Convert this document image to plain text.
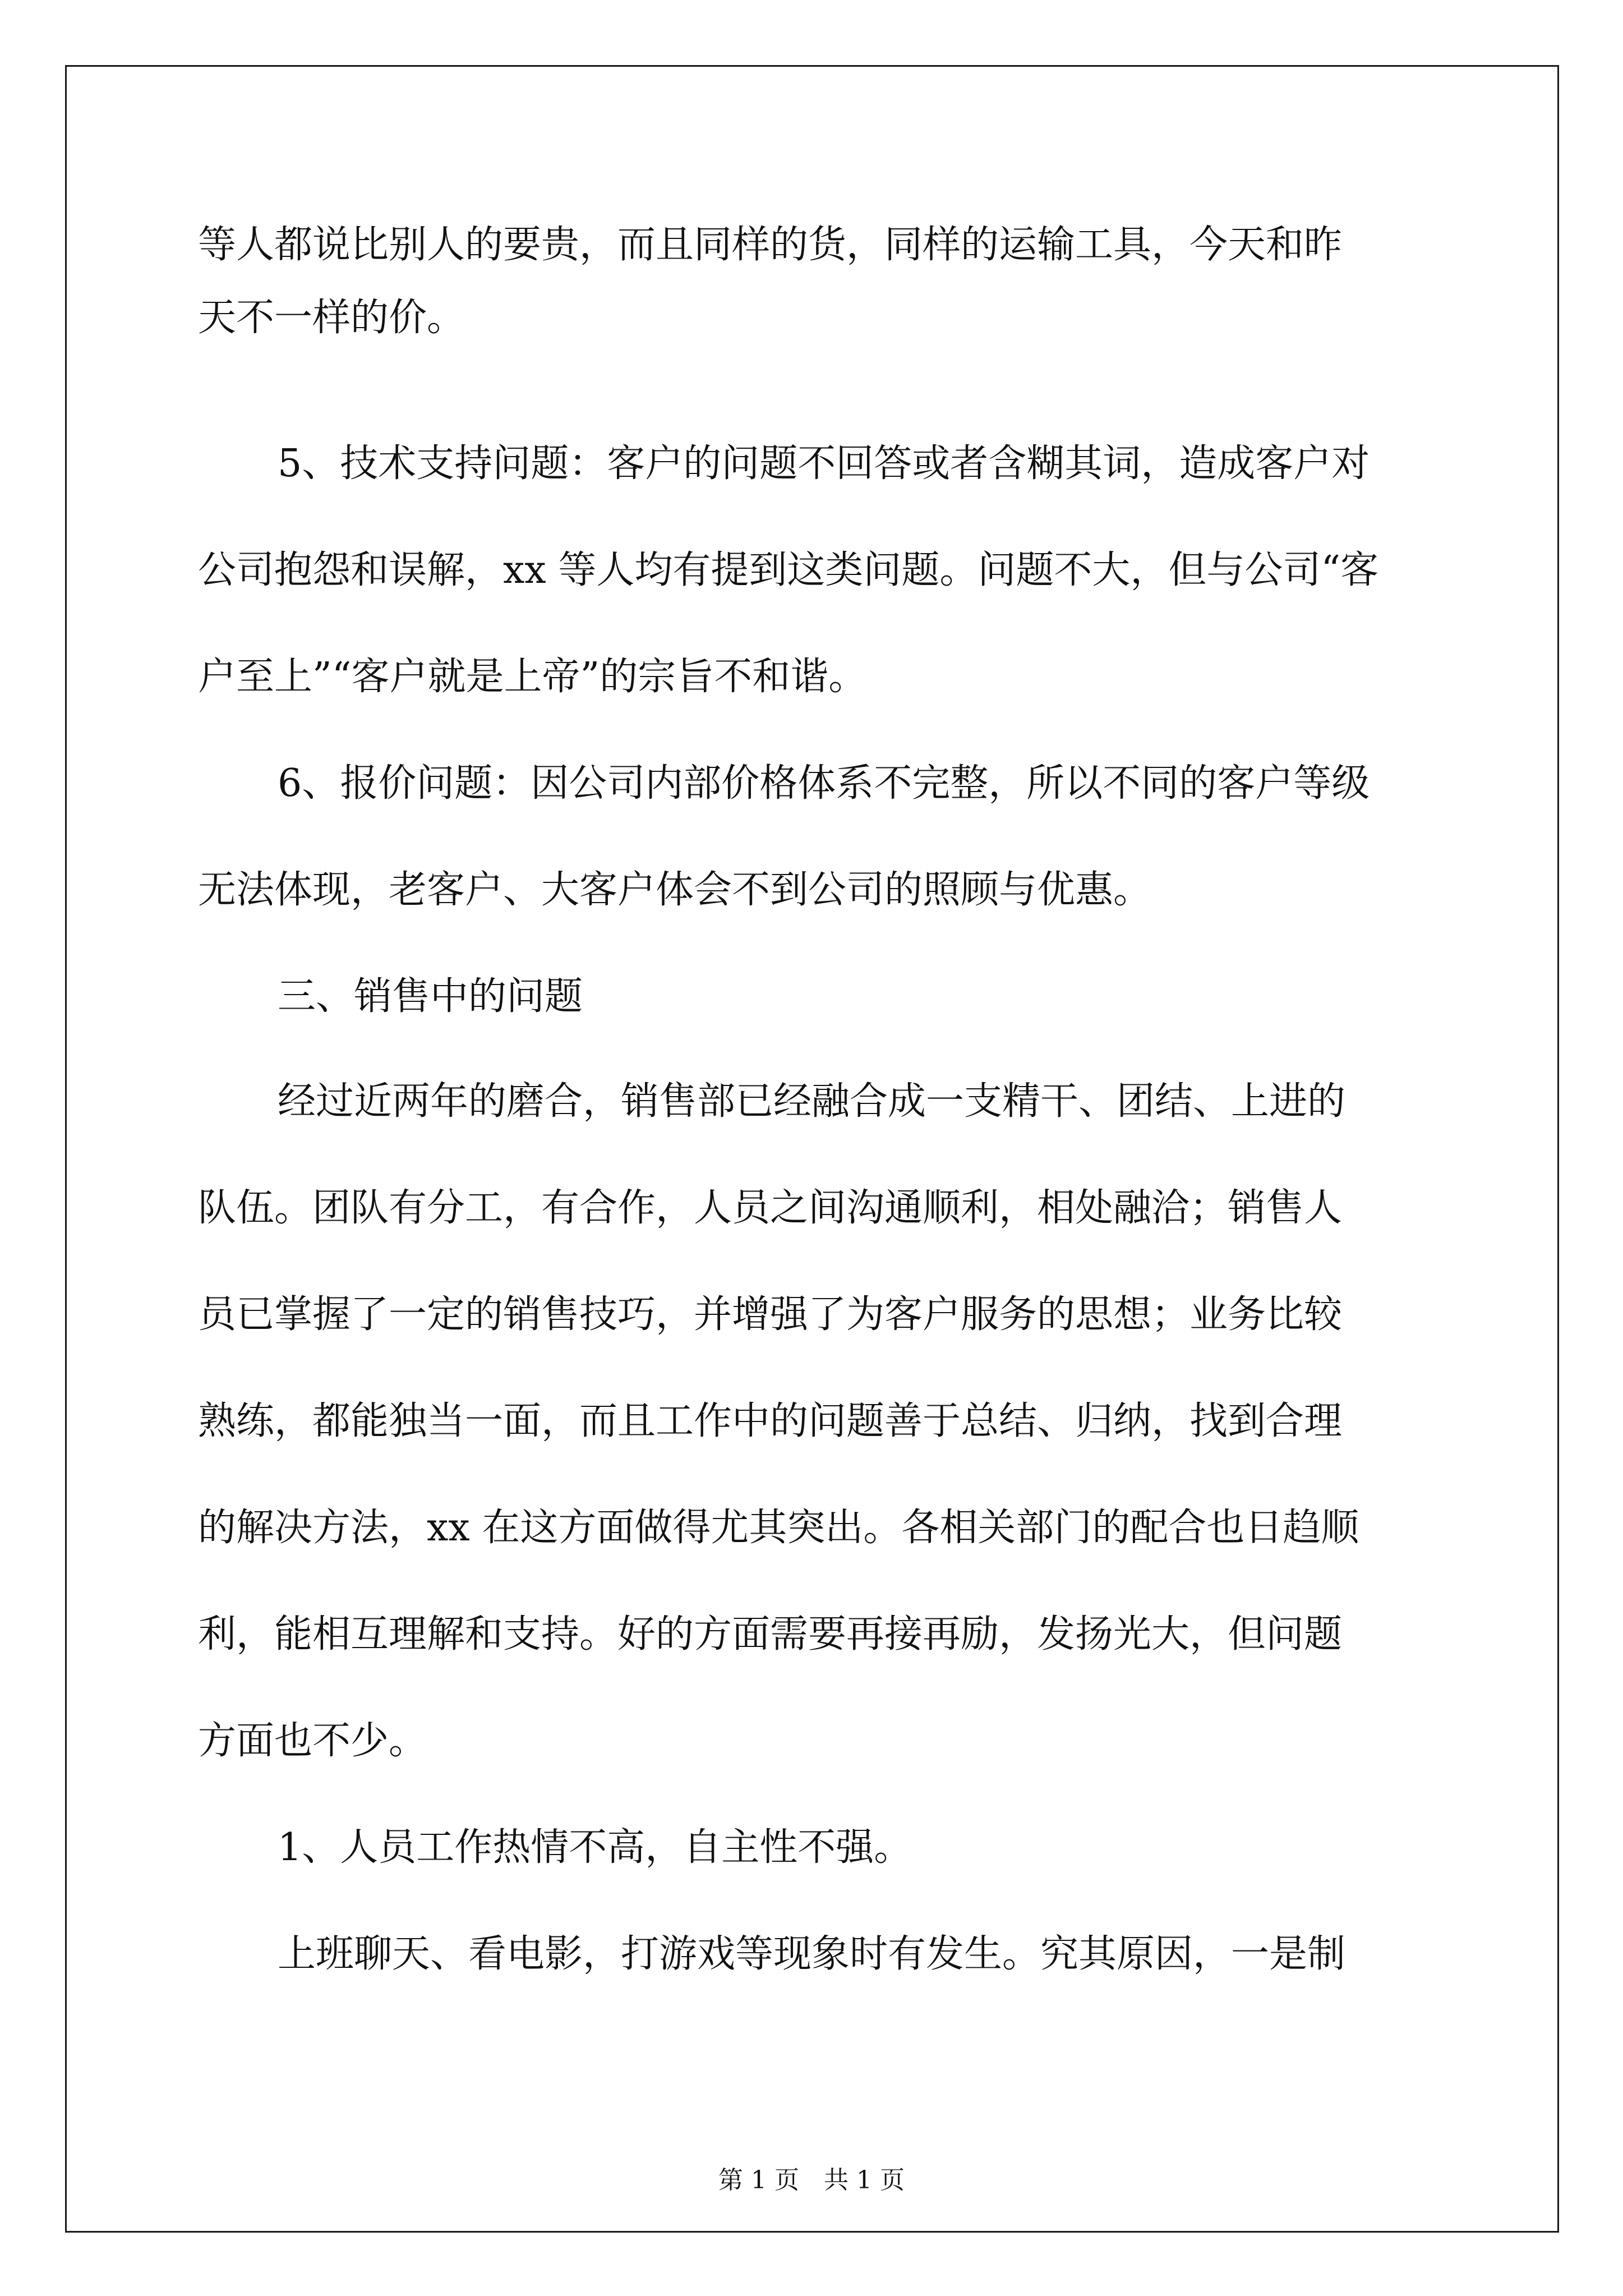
等人都说比别人的要贵，而且同样的货，同样的运输工具，今天和昨
天不一样的价。
5、技术支持问题：客户的问题不回答或者含糊其词，造成客户对
公司抱怨和误解，xx 等人均有提到这类问题。问题不大，但与公司“客
户至上”“客户就是上帝”的宗旨不和谐。
6、报价问题：因公司内部价格体系不完整，所以不同的客户等级
无法体现，老客户、大客户体会不到公司的照顾与优惠。
三、销售中的问题
经过近两年的磨合，销售部已经融合成一支精干、团结、上进的
队伍。团队有分工，有合作，人员之间沟通顺利，相处融洽；销售人
员已掌握了一定的销售技巧，并增强了为客户服务的思想；业务比较
熟练，都能独当一面，而且工作中的问题善于总结、归纳，找到合理
的解决方法，xx 在这方面做得尤其突出。各相关部门的配合也日趋顺
利，能相互理解和支持。好的方面需要再接再励，发扬光大，但问题
方面也不少。
1、人员工作热情不高，自主性不强。
上班聊天、看电影，打游戏等现象时有发生。究其原因，一是制
第 1 页　共 1 页
